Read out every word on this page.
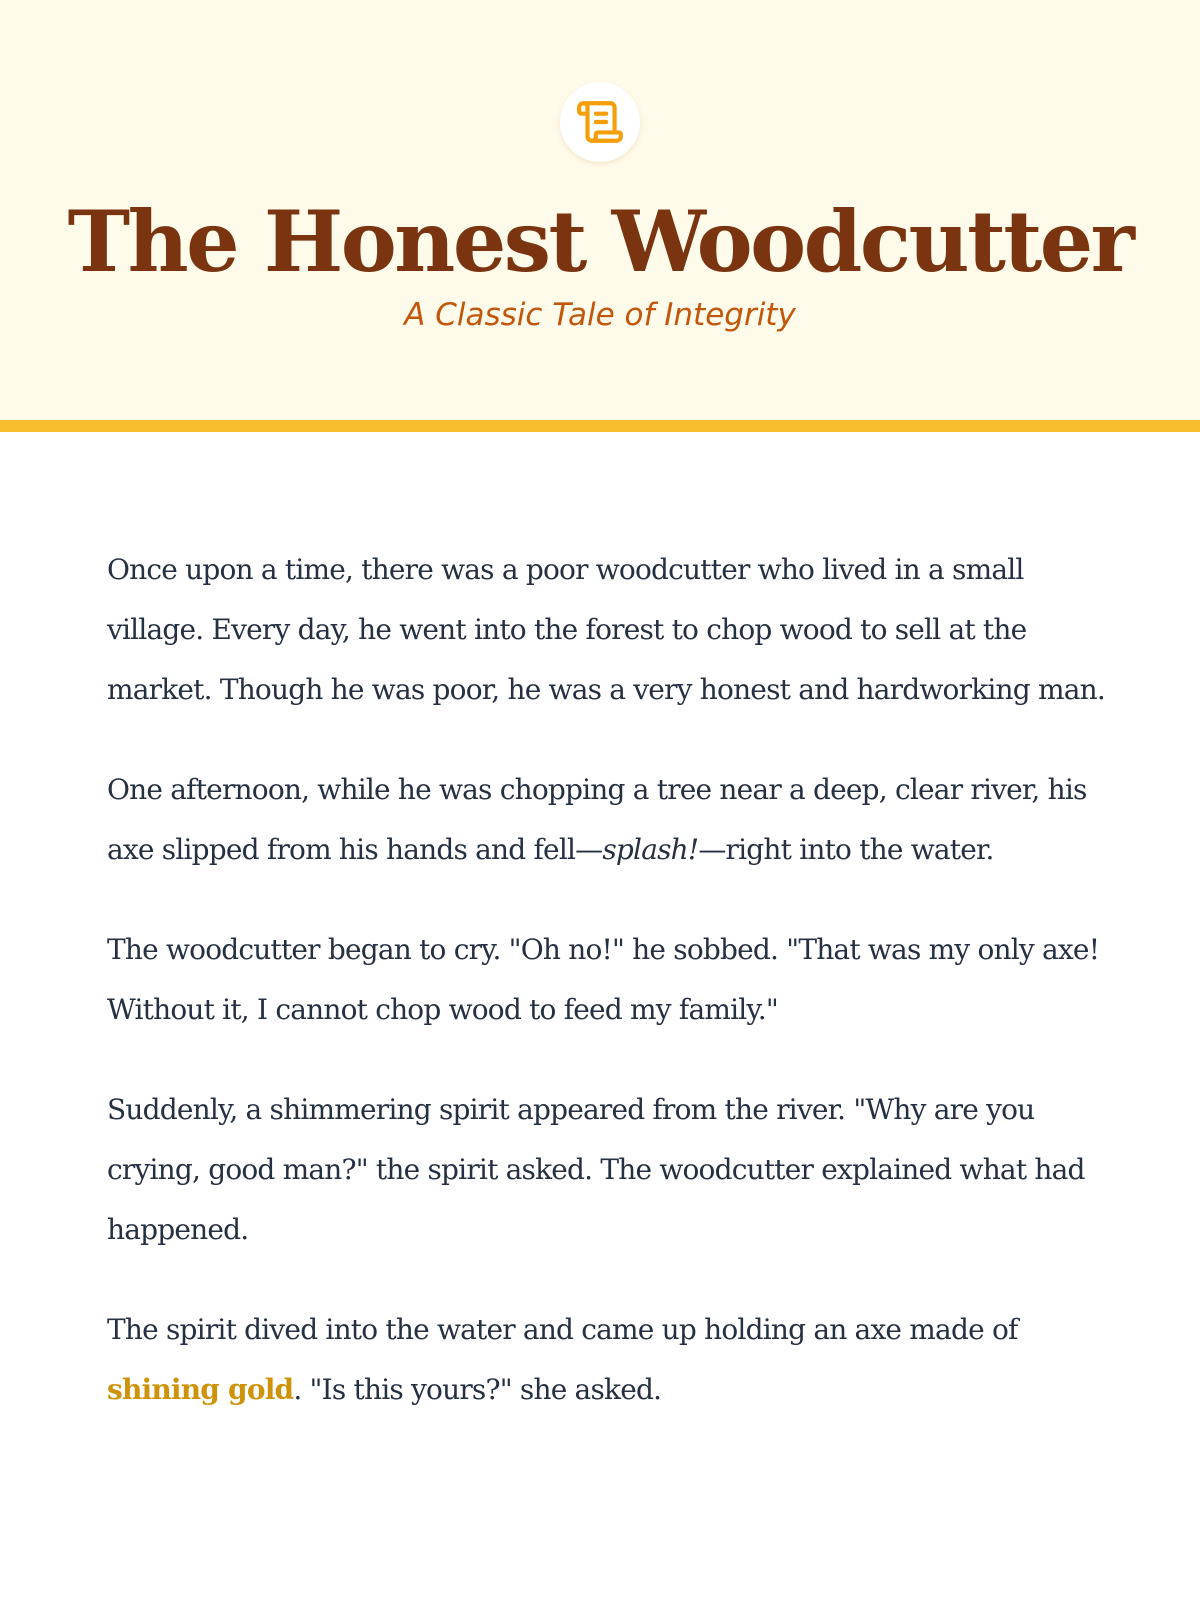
The Honest Woodcutter

A Classic Tale of Integrity

Once upon a time, there was a poor woodcutter who lived in a small village. Every day, he went into the forest to chop wood to sell at the market. Though he was poor, he was a very honest and hardworking man.

One afternoon, while he was chopping a tree near a deep, clear river, his axe slipped from his hands and fell—splash!—right into the water.

The woodcutter began to cry. "Oh no!" he sobbed. "That was my only axe! Without it, I cannot chop wood to feed my family."

Suddenly, a shimmering spirit appeared from the river. "Why are you crying, good man?" the spirit asked. The woodcutter explained what had happened.

The spirit dived into the water and came up holding an axe made of shining gold. "Is this yours?" she asked.
